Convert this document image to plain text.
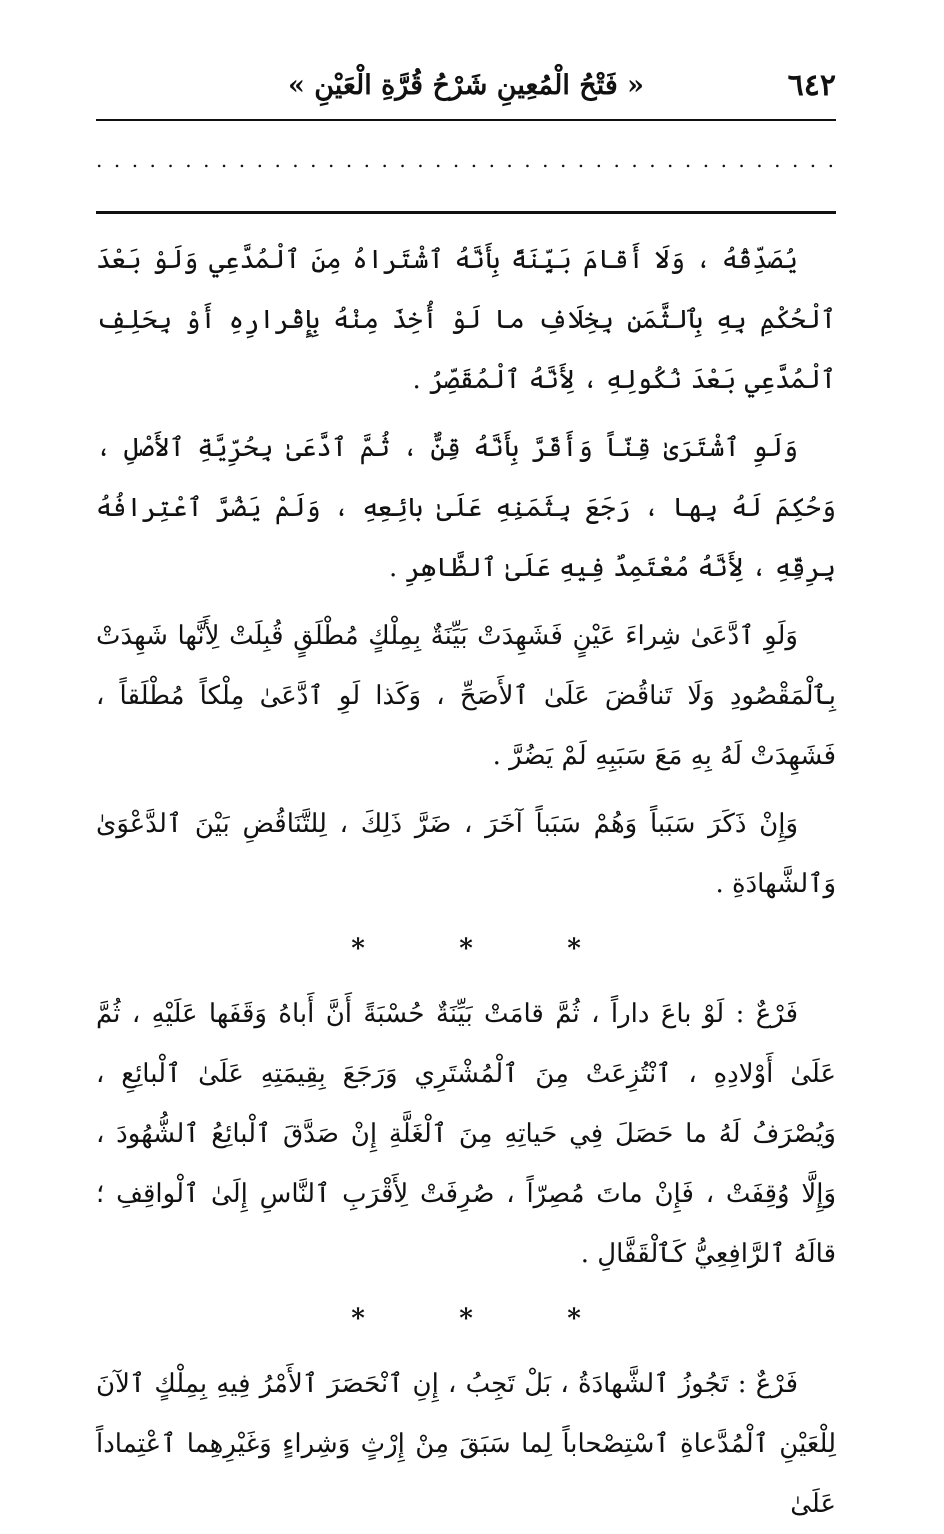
٦٤٢
« فَتْحُ الْمُعِينِ شَرْحُ قُرَّةِ الْعَيْنِ »
. . . . . . . . . . . . . . . . . . . . . . . . . . . . . . . . . . . . . . . . . .

يُصَدِّقُهُ ، وَلَا أَقامَ بَيِّنَةً بِأَنَّهُ ٱشْتَراهُ مِنَ ٱلْمُدَّعِي وَلَوْ بَعْدَ ٱلْحُكْمِ بِهِ بِٱلثَّمَنِ بِخِلَافِ ما لَوْ أُخِذَ مِنْهُ بِإِقْرارِهِ أَوْ بِحَلِفِ ٱلْمُدَّعِي بَعْدَ نُكُولِهِ ، لِأَنَّهُ ٱلْمُقَصِّرُ .

وَلَوِ ٱشْتَرَىٰ قِنّاً وَأَقَرَّ بِأَنَّهُ قِنٌّ ، ثُمَّ ٱدَّعَىٰ بِحُرِّيَّةِ ٱلأَصْلِ ، وَحُكِمَ لَهُ بِها ، رَجَعَ بِثَمَنِهِ عَلَىٰ بائِعِهِ ، وَلَمْ يَضُرَّ ٱعْتِرافُهُ بِرِقِّهِ ، لِأَنَّهُ مُعْتَمِدٌ فِيهِ عَلَىٰ ٱلظَّاهِرِ .

وَلَوِ ٱدَّعَىٰ شِراءَ عَيْنٍ فَشَهِدَتْ بَيِّنَةٌ بِمِلْكٍ مُطْلَقٍ قُبِلَتْ لِأَنَّها شَهِدَتْ بِٱلْمَقْصُودِ وَلَا تَناقُضَ عَلَىٰ ٱلأَصَحِّ ، وَكَذا لَوِ ٱدَّعَىٰ مِلْكاً مُطْلَقاً ، فَشَهِدَتْ لَهُ بِهِ مَعَ سَبَبِهِ لَمْ يَضُرَّ .

وَإِنْ ذَكَرَ سَبَباً وَهُمْ سَبَباً آخَرَ ، ضَرَّ ذَلِكَ ، لِلتَّنَاقُضِ بَيْنَ ٱلدَّعْوَىٰ وَٱلشَّهادَةِ .

*	*	*

فَرْعٌ : لَوْ باعَ داراً ، ثُمَّ قامَتْ بَيِّنَةٌ حُسْبَةً أَنَّ أَباهُ وَقَفَها عَلَيْهِ ، ثُمَّ عَلَىٰ أَوْلادِهِ ، ٱنْتُزِعَتْ مِنَ ٱلْمُشْتَرِي وَرَجَعَ بِقِيمَتِهِ عَلَىٰ ٱلْبائِعِ ، وَيُصْرَفُ لَهُ ما حَصَلَ فِي حَياتِهِ مِنَ ٱلْغَلَّةِ إِنْ صَدَّقَ ٱلْبائِعُ ٱلشُّهُودَ ، وَإِلَّا وُقِفَتْ ، فَإِنْ ماتَ مُصِرّاً ، صُرِفَتْ لِأَقْرَبِ ٱلنَّاسِ إِلَىٰ ٱلْواقِفِ ؛ قالَهُ ٱلرَّافِعِيُّ كَٱلْقَفَّالِ .

*	*	*

فَرْعٌ : تَجُوزُ ٱلشَّهادَةُ ، بَلْ تَجِبُ ، إِنِ ٱنْحَصَرَ ٱلأَمْرُ فِيهِ بِمِلْكٍ ٱلآنَ لِلْعَيْنِ ٱلْمُدَّعاةِ ٱسْتِصْحاباً لِما سَبَقَ مِنْ إِرْثٍ وَشِراءٍ وَغَيْرِهِما ٱعْتِماداً عَلَىٰ
